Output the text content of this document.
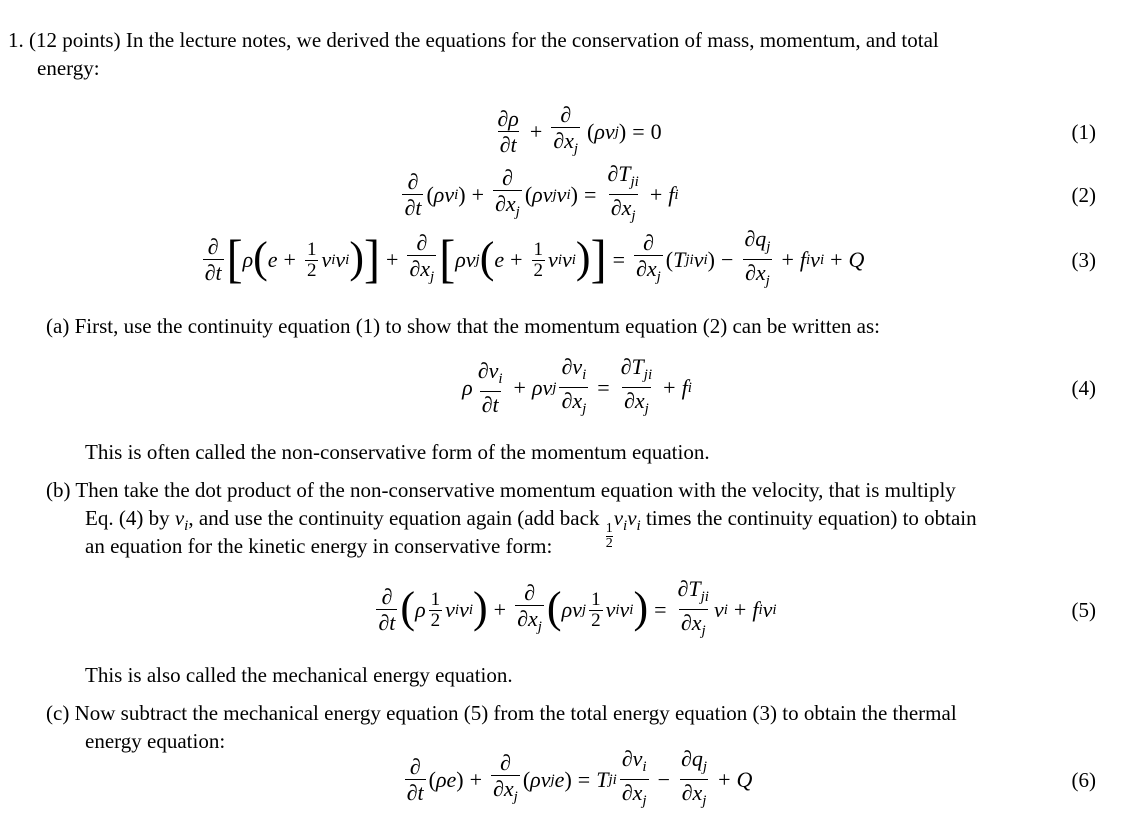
1. (12 points) In the lecture notes, we derived the equations for the conservation of mass, momentum, and total

energy:

$\frac{\partial\rho}{\partial t} + \frac{\partial}{\partial x_j}$ ( ρv j ) = 0	(1)
$\frac{\partial}{\partial t}$ ( ρv i ) + $\frac{\partial}{\partial x_j}$ ( ρv j v i ) = $\frac{\partial T_{ji}}{\partial x_j} + f$ i	(2)
$\frac{\partial}{\partial t}$ [ ρ ( $e + \frac{1}{2}$ v i v i ) ] + $\frac{\partial}{\partial x_j}$ [ ρv j ( $e + \frac{1}{2}$ v i v i ) ] = $\frac{\partial}{\partial x_j}$ ( T ji v i ) − $\frac{\partial q_j}{\partial x_j} + f$ i v i + Q	(3)

(a) First, use the continuity equation (1) to show that the momentum equation (2) can be written as:

ρ $\frac{\partial v_i}{\partial t} + \rho v$ j $\frac{\partial v_i}{\partial x_j} = \frac{\partial T_{ji}}{\partial x_j} + f$ i	(4)

This is often called the non-conservative form of the momentum equation.

(b) Then take the dot product of the non-conservative momentum equation with the velocity, that is multiply

Eq. (4) by $v_i$, and use the continuity equation again (add back
$\frac{1}{2}$
$v_iv_i$ times the continuity equation) to obtain

an equation for the kinetic energy in conservative form:

$\frac{\partial}{\partial t}$ ( ρ $\frac{1}{2}$ v i v i ) + $\frac{\partial}{\partial x_j}$ ( ρv j $\frac{1}{2}$ v i v i ) = $\frac{\partial T_{ji}}{\partial x_j}$ v i + f i v i	(5)

This is also called the mechanical energy equation.

(c) Now subtract the mechanical energy equation (5) from the total energy equation (3) to obtain the thermal

energy equation:

$\frac{\partial}{\partial t}$ ( ρe ) + $\frac{\partial}{\partial x_j}$ ( ρv j e ) = T ji $\frac{\partial v_i}{\partial x_j} - \frac{\partial q_j}{\partial x_j} + Q$	(6)
